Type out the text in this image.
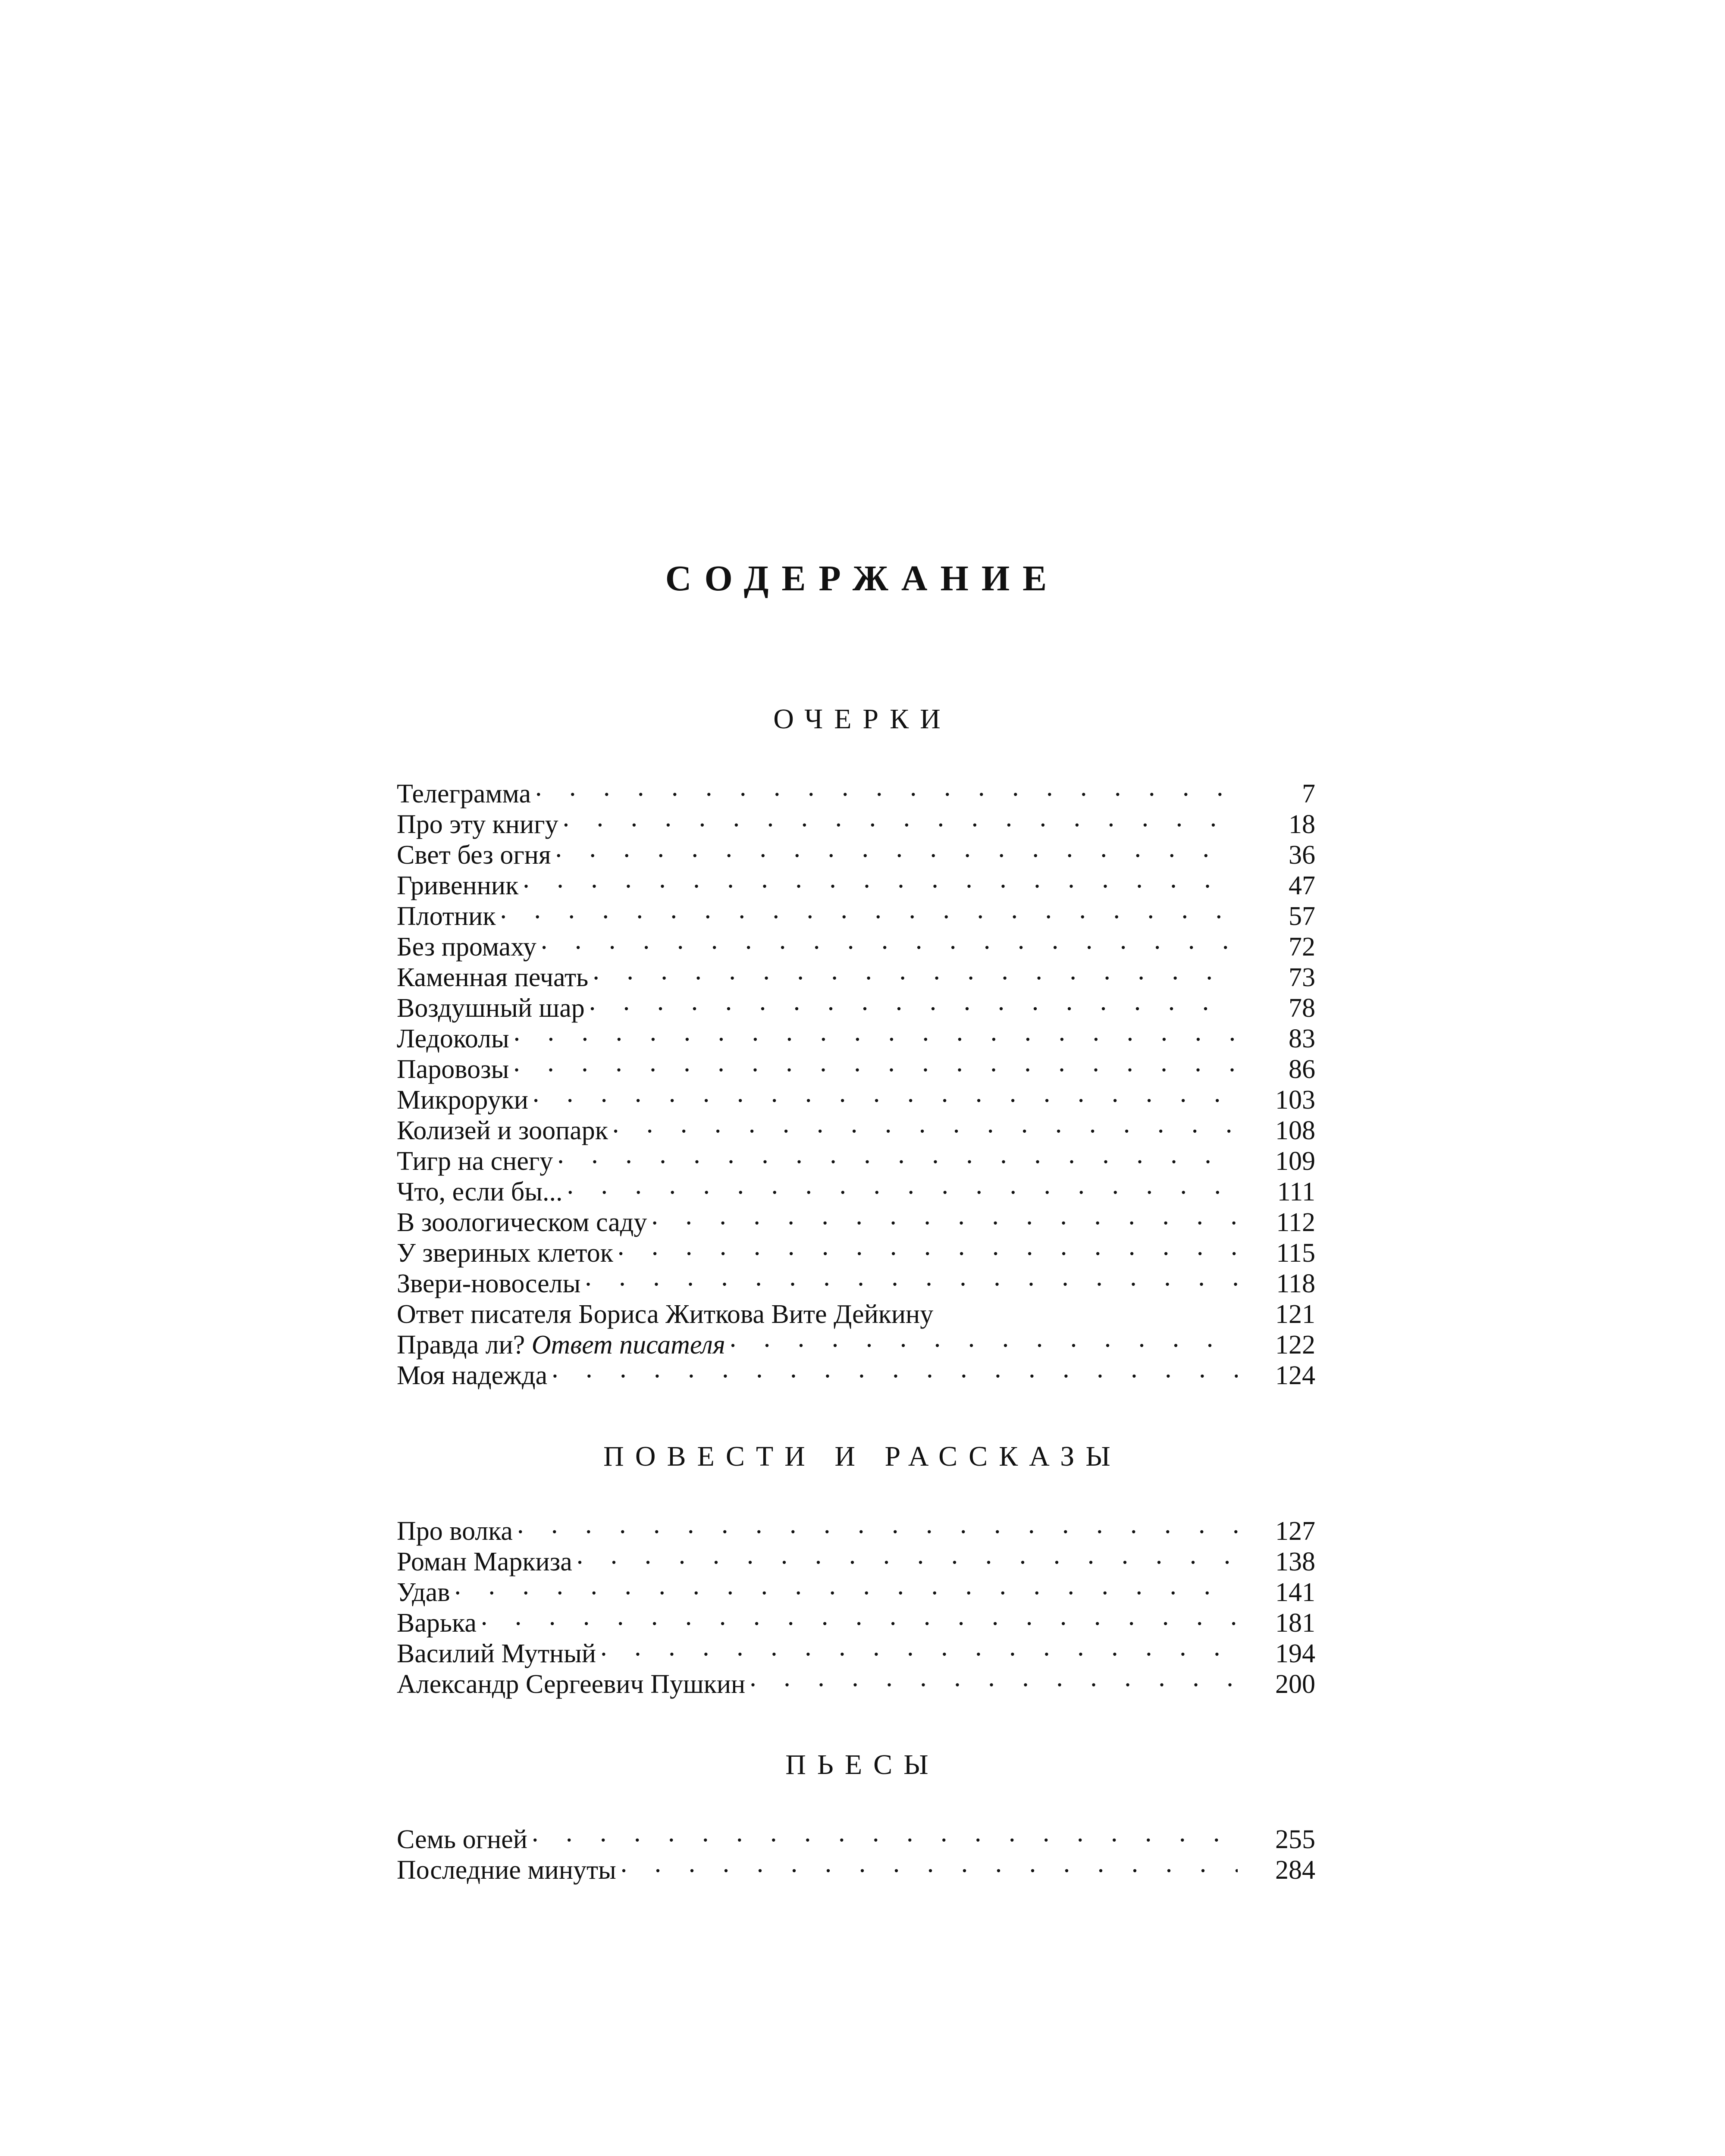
СОДЕРЖАНИЕ
ОЧЕРКИ
Телеграмма . . .	7
Про эту книгу . . .	18
Свет без огня . . .	36
Гривенник . . .	47
Плотник . . .	57
Без промаху . . .	72
Каменная печать . . .	73
Воздушный шар . . .	78
Ледоколы . . .	83
Паровозы . . .	86
Микроруки . . .	103
Колизей и зоопарк . . .	108
Тигр на снегу . . .	109
Что, если бы... . . .	111
В зоологическом саду . . .	112
У звериных клеток . . .	115
Звери-новоселы . . .	118
Ответ писателя Бориса Житкова Вите Дейкину	121
Правда ли? Ответ писателя . . .	122
Моя надежда . . .	124
ПОВЕСТИ И РАССКАЗЫ
Про волка . . .	127
Роман Маркиза . . .	138
Удав . . .	141
Варька . . .	181
Василий Мутный . . .	194
Александр Сергеевич Пушкин . . .	200
ПЬЕСЫ
Семь огней . . .	255
Последние минуты . . .	284
